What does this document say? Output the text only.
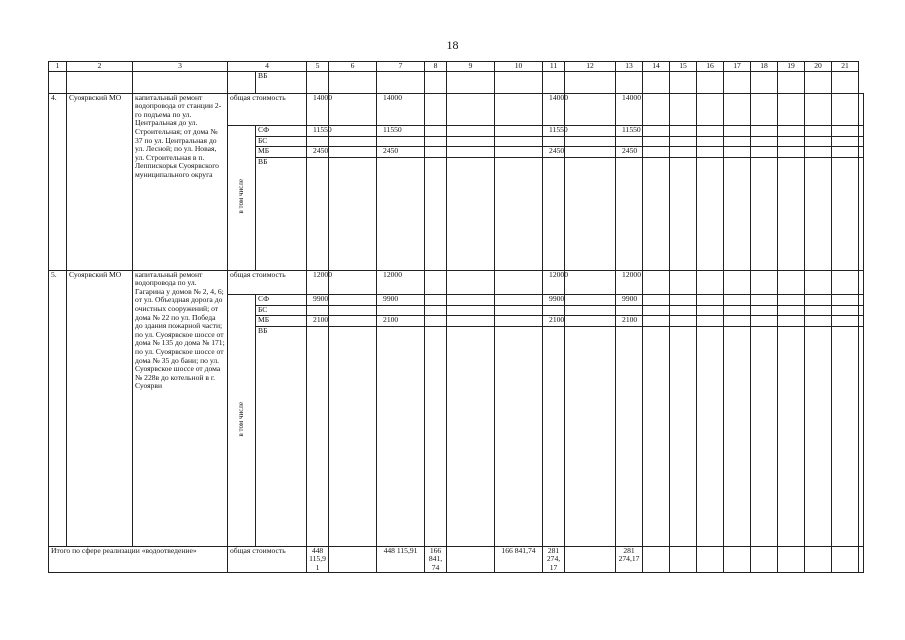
18
1	2	3	4		5	6	7	8	9	10	11	12	13	14	15	16	17	18	19	20	21	
				ВБ																		
4.	Суоярвский МО	капитальный ремонт водопровода от станции 2-го подъема по ул. Центральная до ул. Строительная; от дома № 37 по ул. Центральная до ул. Лесной; по ул. Новая, ул. Строительная в п. Леппискорья Суоярвского муниципального округа	общая стоимость		14000		14000				14000		14000									
			в том числе	СФ	11550		11550				11550		11550									
				БС																		
				МБ	2450		2450				2450		2450									
				ВБ																		
5.	Суоярвский МО	капитальный ремонт водопровода по ул. Гагарина у домов № 2, 4, 6; от ул. Объездная дорога до очистных сооружений; от дома № 22 по ул. Победа до здания пожарной части; по ул. Суоярвское шоссе от дома № 135 до дома № 171; по ул. Суоярвское шоссе от дома № 35 до бани; по ул. Суоярвское шоссе от дома № 228в до котельной в г. Суоярви	общая стоимость		12000		12000				12000		12000									
			в том числе	СФ	9900		9900				9900		9900									
				БС																		
				МБ	2100		2100				2100		2100									
				ВБ																		
Итого по сфере реализации «водоотведение»			общая стоимость		448 115,91		448 115,91	166 841,74		166 841,74	281 274,17		281 274,17									
